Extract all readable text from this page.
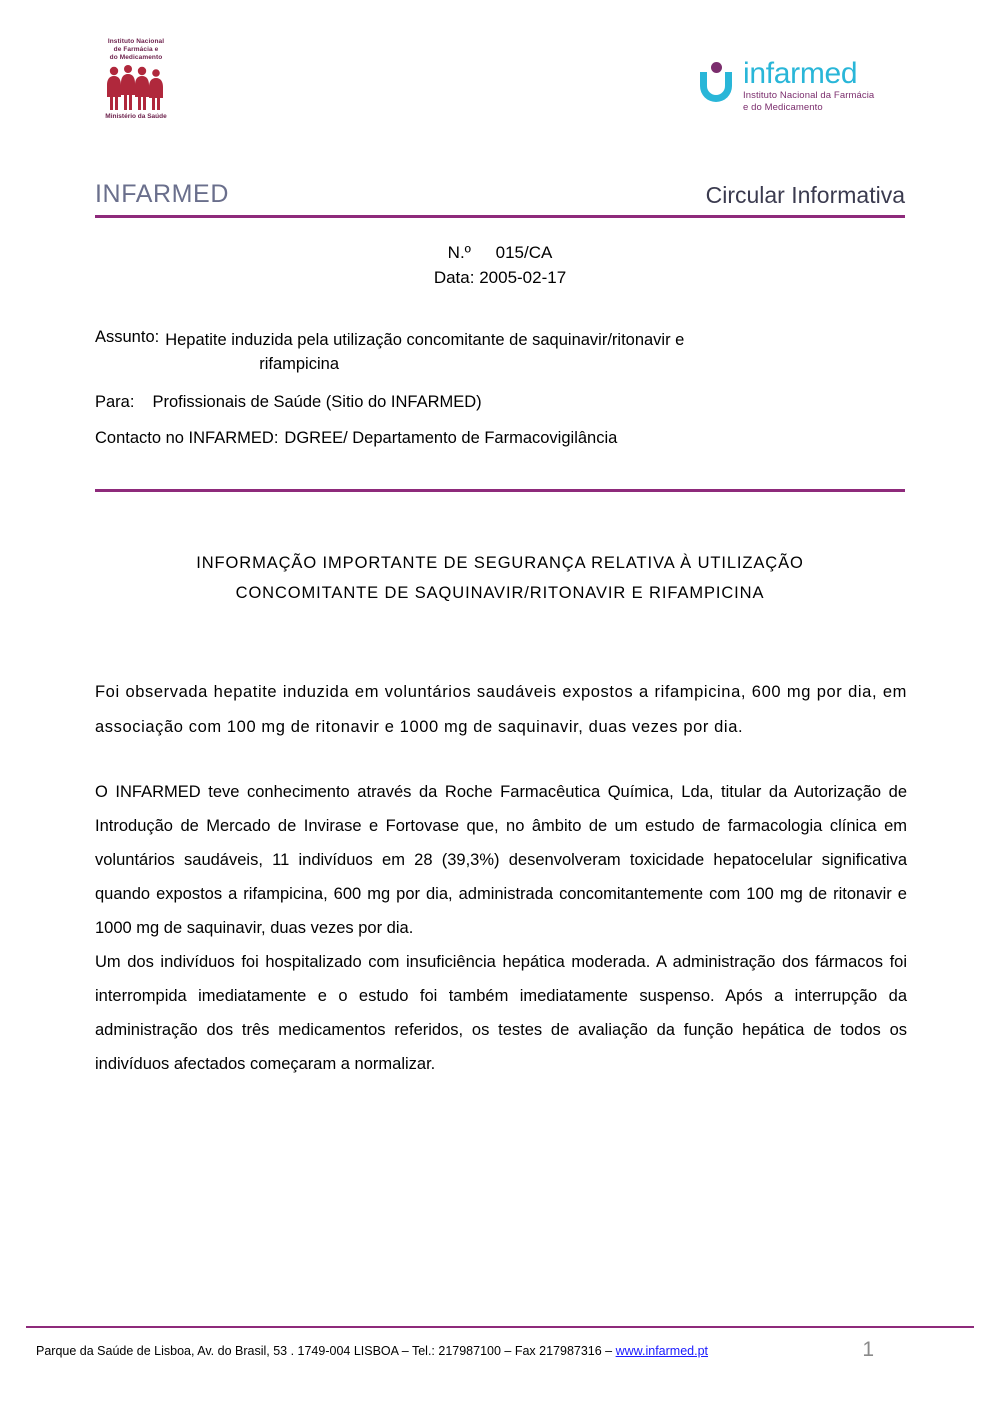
Instituto Nacional
de Farmácia e
do Medicamento
Ministério da Saúde
infarmed
Instituto Nacional da Farmácia
e do Medicamento
INFARMED	Circular Informativa
N.º 015/CA
Data: 2005-02-17
Assunto: Hepatite induzida pela utilização concomitante de saquinavir/ritonavir e
rifampicina
Para:	Profissionais de Saúde (Sitio do INFARMED)
Contacto no INFARMED: DGREE/ Departamento de Farmacovigilância
INFORMAÇÃO IMPORTANTE DE SEGURANÇA RELATIVA À UTILIZAÇÃO
CONCOMITANTE DE SAQUINAVIR/RITONAVIR E RIFAMPICINA

Foi observada hepatite induzida em voluntários saudáveis expostos a rifampicina, 600 mg por dia, em associação com 100 mg de ritonavir e 1000 mg de saquinavir, duas vezes por dia.

O INFARMED teve conhecimento através da Roche Farmacêutica Química, Lda, titular da Autorização de Introdução de Mercado de Invirase e Fortovase que, no âmbito de um estudo de farmacologia clínica em voluntários saudáveis, 11 indivíduos em 28 (39,3%) desenvolveram toxicidade hepatocelular significativa quando expostos a rifampicina, 600 mg por dia, administrada concomitantemente com 100 mg de ritonavir e 1000 mg de saquinavir, duas vezes por dia.

Um dos indivíduos foi hospitalizado com insuficiência hepática moderada. A administração dos fármacos foi interrompida imediatamente e o estudo foi também imediatamente suspenso. Após a interrupção da administração dos três medicamentos referidos, os testes de avaliação da função hepática de todos os indivíduos afectados começaram a normalizar.

Parque da Saúde de Lisboa, Av. do Brasil, 53 . 1749-004 LISBOA – Tel.: 217987100 – Fax 217987316 – www.infarmed.pt	1
